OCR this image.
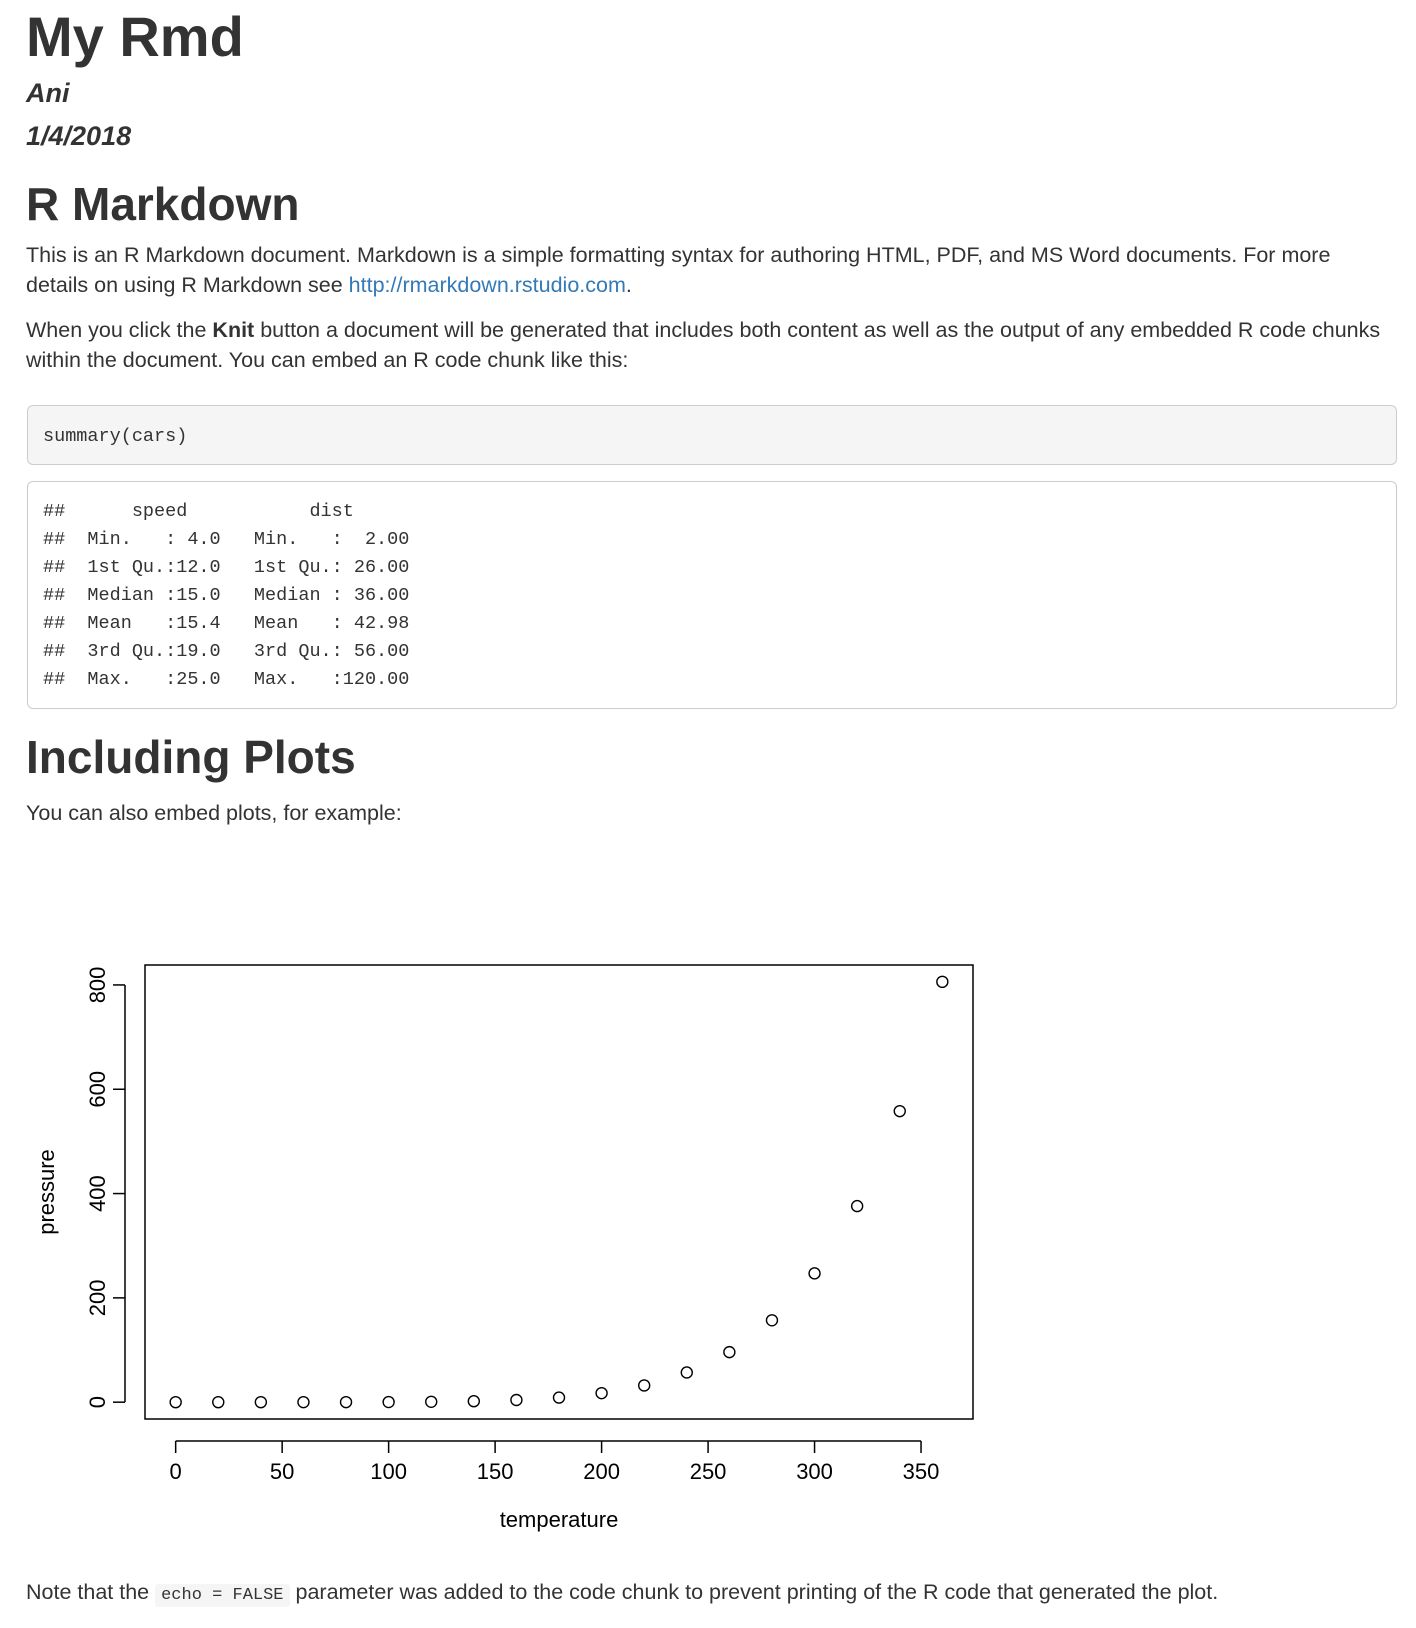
My Rmd
Ani
1/4/2018
R Markdown

This is an R Markdown document. Markdown is a simple formatting syntax for authoring HTML, PDF, and MS Word documents. For more details on using R Markdown see http://rmarkdown.rstudio.com.

When you click the Knit button a document will be generated that includes both content as well as the output of any embedded R code chunks within the document. You can embed an R code chunk like this:

summary(cars)
##      speed           dist
##  Min.   : 4.0   Min.   :  2.00
##  1st Qu.:12.0   1st Qu.: 26.00
##  Median :15.0   Median : 36.00
##  Mean   :15.4   Mean   : 42.98
##  3rd Qu.:19.0   3rd Qu.: 56.00
##  Max.   :25.0   Max.   :120.00
Including Plots

You can also embed plots, for example:

0	50	100	150	200	250	300	350
0
200
400
600
800
temperature
pressure

Note that the echo = FALSE parameter was added to the code chunk to prevent printing of the R code that generated the plot.
